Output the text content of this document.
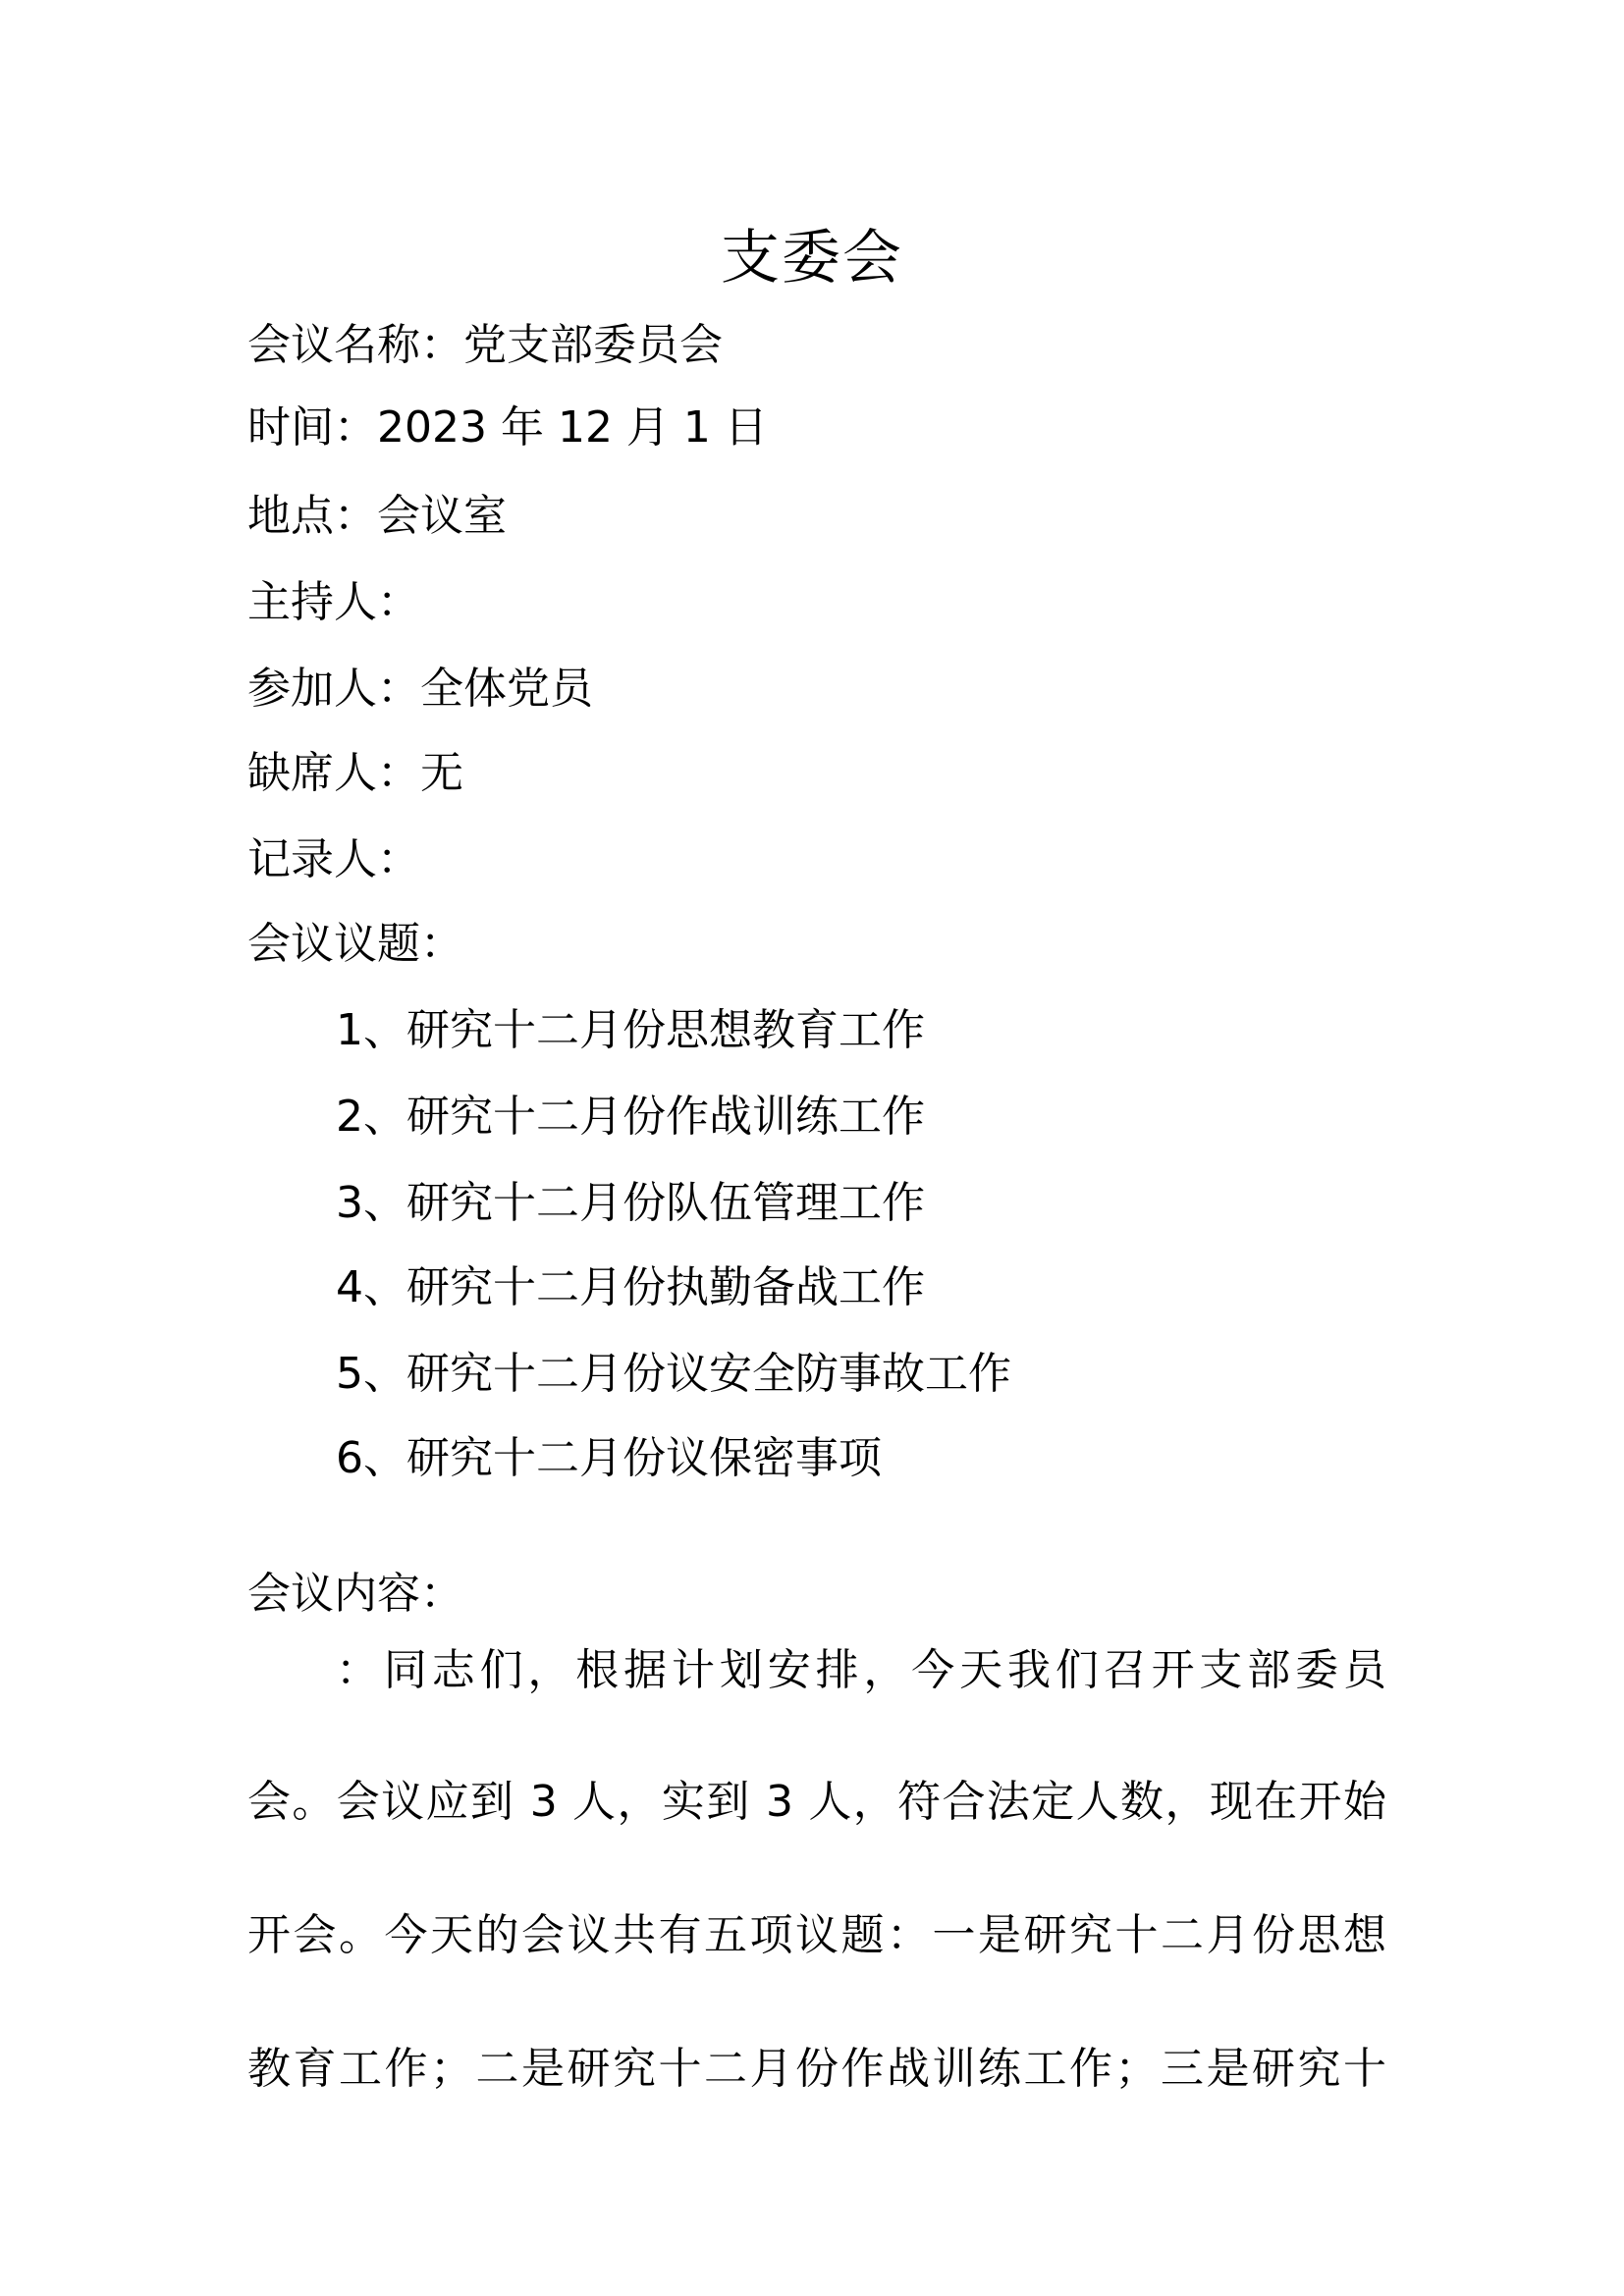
支委会
会议名称：党支部委员会
时间：2023 年 12 月 1 日
地点：会议室
主持人：
参加人：全体党员
缺席人：无
记录人：
会议议题：
1、研究十二月份思想教育工作
2、研究十二月份作战训练工作
3、研究十二月份队伍管理工作
4、研究十二月份执勤备战工作
5、研究十二月份议安全防事故工作
6、研究十二月份议保密事项
会议内容：
：同志们，根据计划安排，今天我们召开支部委员
会。会议应到 3 人，实到 3 人，符合法定人数，现在开始
开会。今天的会议共有五项议题：一是研究十二月份思想
教育工作；二是研究十二月份作战训练工作；三是研究十
